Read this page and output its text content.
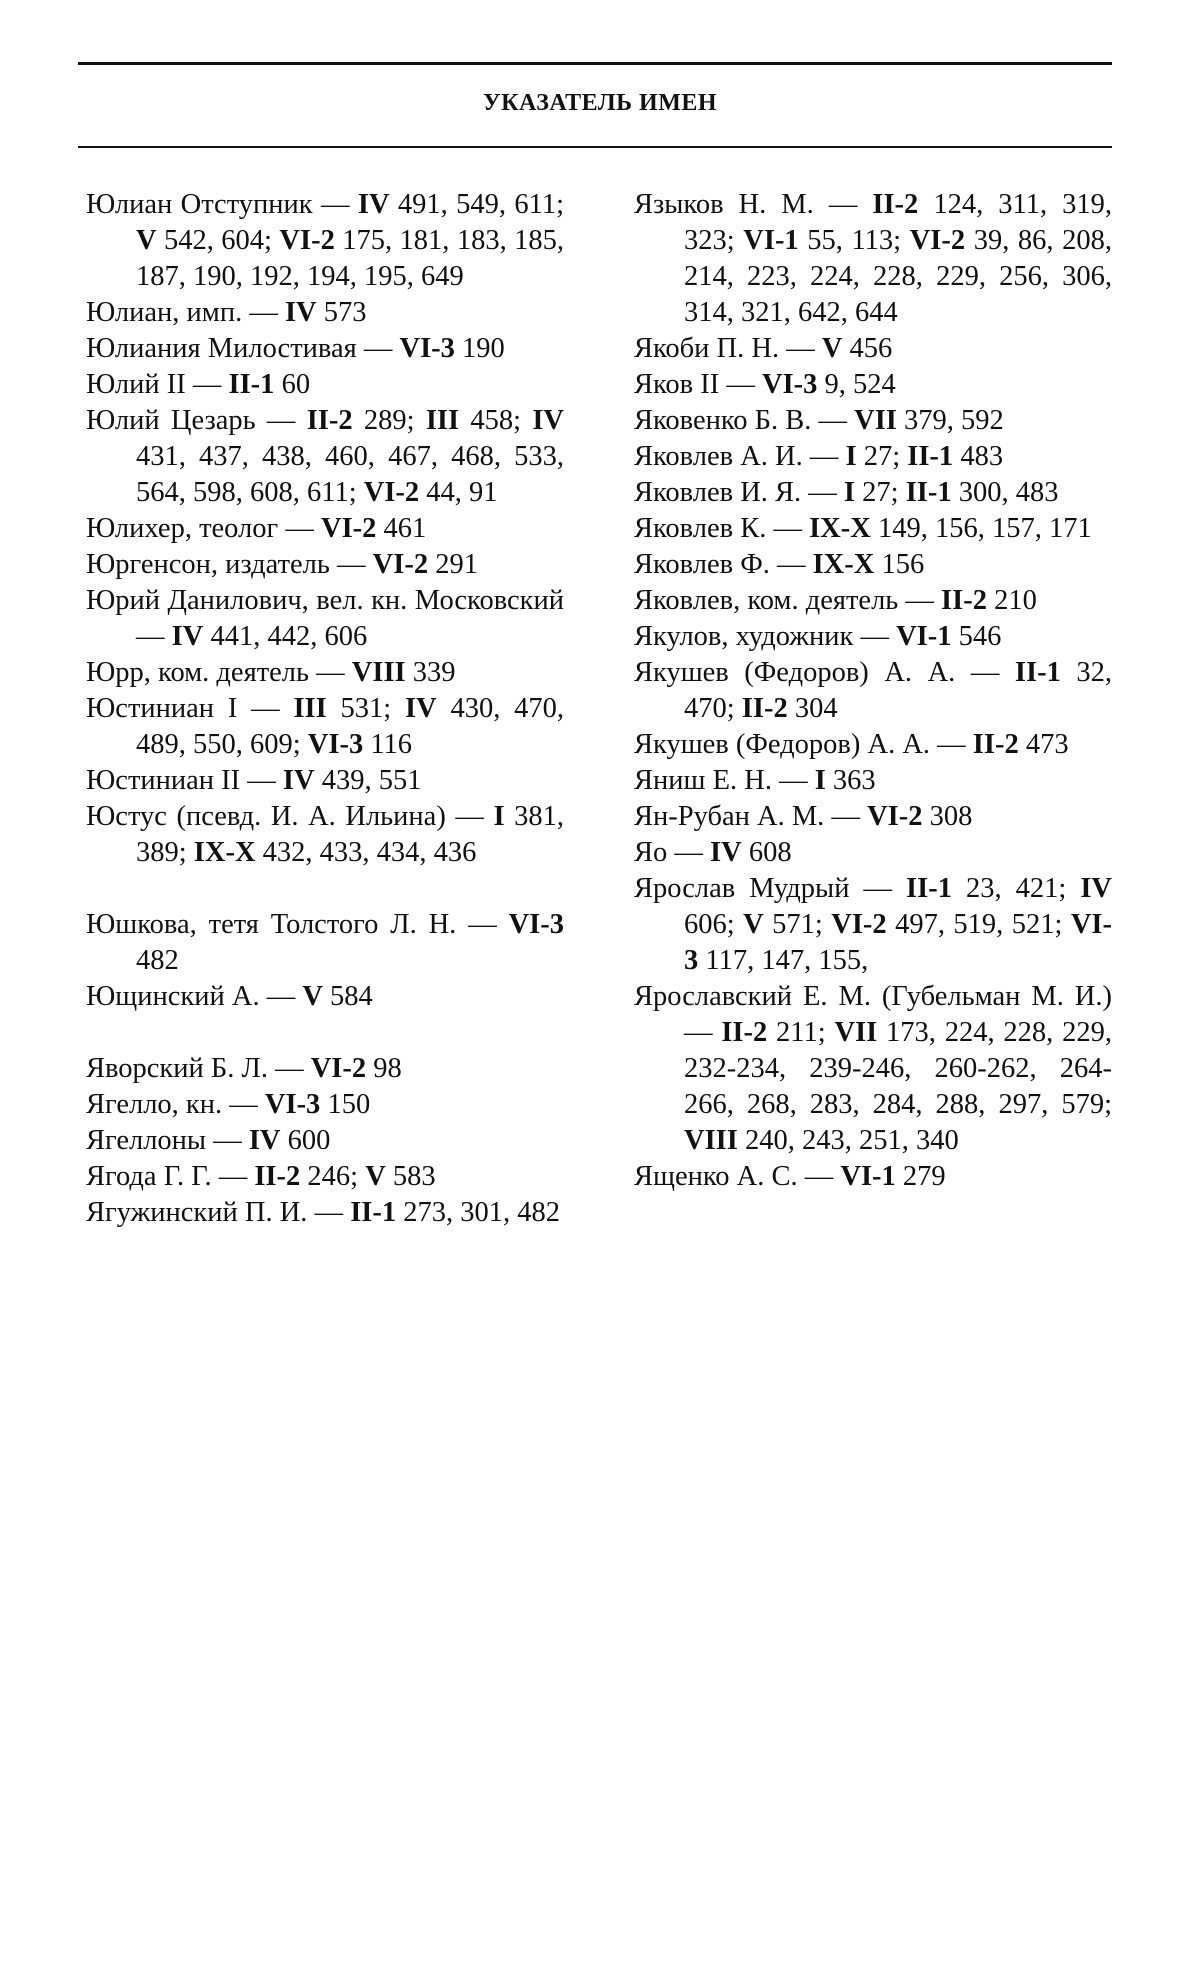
УКАЗАТЕЛЬ ИМЕН

Юлиан Отступник — IV 491, 549, 611; V 542, 604; VI-2 175, 181, 183, 185, 187, 190, 192, 194, 195, 649

Юлиан, имп. — IV 573

Юлиания Милостивая — VI-3 190

Юлий II — II-1 60

Юлий Цезарь — II-2 289; III 458; IV 431, 437, 438, 460, 467, 468, 533, 564, 598, 608, 611; VI-2 44, 91

Юлихер, теолог — VI-2 461

Юргенсон, издатель — VI-2 291

Юрий Данилович, вел. кн. Московский — IV 441, 442, 606

Юрр, ком. деятель — VIII 339

Юстиниан I — III 531; IV 430, 470, 489, 550, 609; VI-3 116

Юстиниан II — IV 439, 551

Юстус (псевд. И. А. Ильина) — I 381, 389; IX-X 432, 433, 434, 436

Юшкова, тетя Толстого Л. Н. — VI-3 482

Ющинский А. — V 584

Яворский Б. Л. — VI-2 98

Ягелло, кн. — VI-3 150

Ягеллоны — IV 600

Ягода Г. Г. — II-2 246; V 583

Ягужинский П. И. — II-1 273, 301, 482

Языков Н. М. — II-2 124, 311, 319, 323; VI-1 55, 113; VI-2 39, 86, 208, 214, 223, 224, 228, 229, 256, 306, 314, 321, 642, 644

Якоби П. Н. — V 456

Яков II — VI-3 9, 524

Яковенко Б. В. — VII 379, 592

Яковлев А. И. — I 27; II-1 483

Яковлев И. Я. — I 27; II-1 300, 483

Яковлев К. — IX-X 149, 156, 157, 171

Яковлев Ф. — IX-X 156

Яковлев, ком. деятель — II-2 210

Якулов, художник — VI-1 546

Якушев (Федоров) А. А. — II-1 32, 470; II-2 304

Якушев (Федоров) А. А. — II-2 473

Яниш Е. Н. — I 363

Ян-Рубан А. М. — VI-2 308

Яо — IV 608

Ярослав Мудрый — II-1 23, 421; IV 606; V 571; VI-2 497, 519, 521; VI-3 117, 147, 155,

Ярославский Е. М. (Губельман М. И.) — II-2 211; VII 173, 224, 228, 229, 232-234, 239-246, 260-262, 264-266, 268, 283, 284, 288, 297, 579; VIII 240, 243, 251, 340

Ященко А. С. — VI-1 279
